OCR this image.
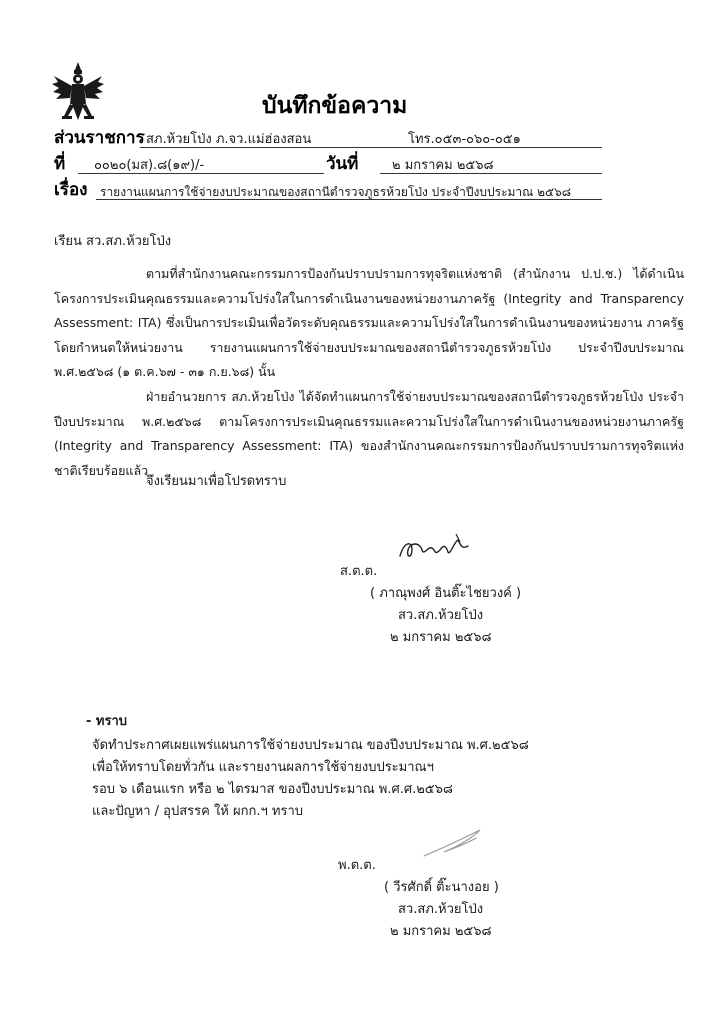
บันทึกข้อความ
ส่วนราชการ สภ.ห้วยโป่ง ภ.จว.แม่ฮ่องสอน	โทร.๐๕๓-๐๖๐-๐๕๑
ที่ ๐๐๒๐(มส).๘(๑๙)/-	วันที่	๒ มกราคม ๒๕๖๘
เรื่อง รายงานแผนการใช้จ่ายงบประมาณของสถานีตำรวจภูธรห้วยโป่ง ประจำปีงบประมาณ ๒๕๖๘
เรียน สว.สภ.ห้วยโป่ง
ตามที่สำนักงานคณะกรรมการป้องกันปราบปรามการทุจริตแห่งชาติ (สำนักงาน ป.ป.ช.) ได้ดำเนินโครงการประเมินคุณธรรมและความโปร่งใสในการดำเนินงานของหน่วยงานภาครัฐ (Integrity and Transparency Assessment: ITA) ซึ่งเป็นการประเมินเพื่อวัดระดับคุณธรรมและความโปร่งใสในการดำเนินงานของหน่วยงาน ภาครัฐโดยกำหนดให้หน่วยงาน รายงานแผนการใช้จ่ายงบประมาณของสถานีตำรวจภูธรห้วยโป่ง ประจำปีงบประมาณ พ.ศ.๒๕๖๘ (๑ ต.ค.๖๗ - ๓๑ ก.ย.๖๘) นั้น
ฝ่ายอำนวยการ สภ.ห้วยโป่ง ได้จัดทำแผนการใช้จ่ายงบประมาณของสถานีตำรวจภูธรห้วยโป่ง ประจำปีงบประมาณ พ.ศ.๒๕๖๘ ตามโครงการประเมินคุณธรรมและความโปร่งใสในการดำเนินงานของหน่วยงานภาครัฐ (Integrity and Transparency Assessment: ITA) ของสำนักงานคณะกรรมการป้องกันปราบปรามการทุจริตแห่งชาติเรียบร้อยแล้ว
จึงเรียนมาเพื่อโปรดทราบ
ส.ต.ต.
( ภาณุพงศ์ อินติ๊ะไชยวงค์ )
สว.สภ.ห้วยโป่ง
๒ มกราคม ๒๕๖๘
- ทราบ
จัดทำประกาศเผยแพร่แผนการใช้จ่ายงบประมาณ ของปีงบประมาณ พ.ศ.๒๕๖๘
เพื่อให้ทราบโดยทั่วกัน และรายงานผลการใช้จ่ายงบประมาณฯ
รอบ ๖ เดือนแรก หรือ ๒ ไตรมาส ของปีงบประมาณ พ.ศ.ศ.๒๕๖๘
และปัญหา / อุปสรรค ให้ ผกก.ฯ ทราบ
พ.ต.ต.
( วีรศักดิ์ ติ๊ะนางอย )
สว.สภ.ห้วยโป่ง
๒ มกราคม ๒๕๖๘
